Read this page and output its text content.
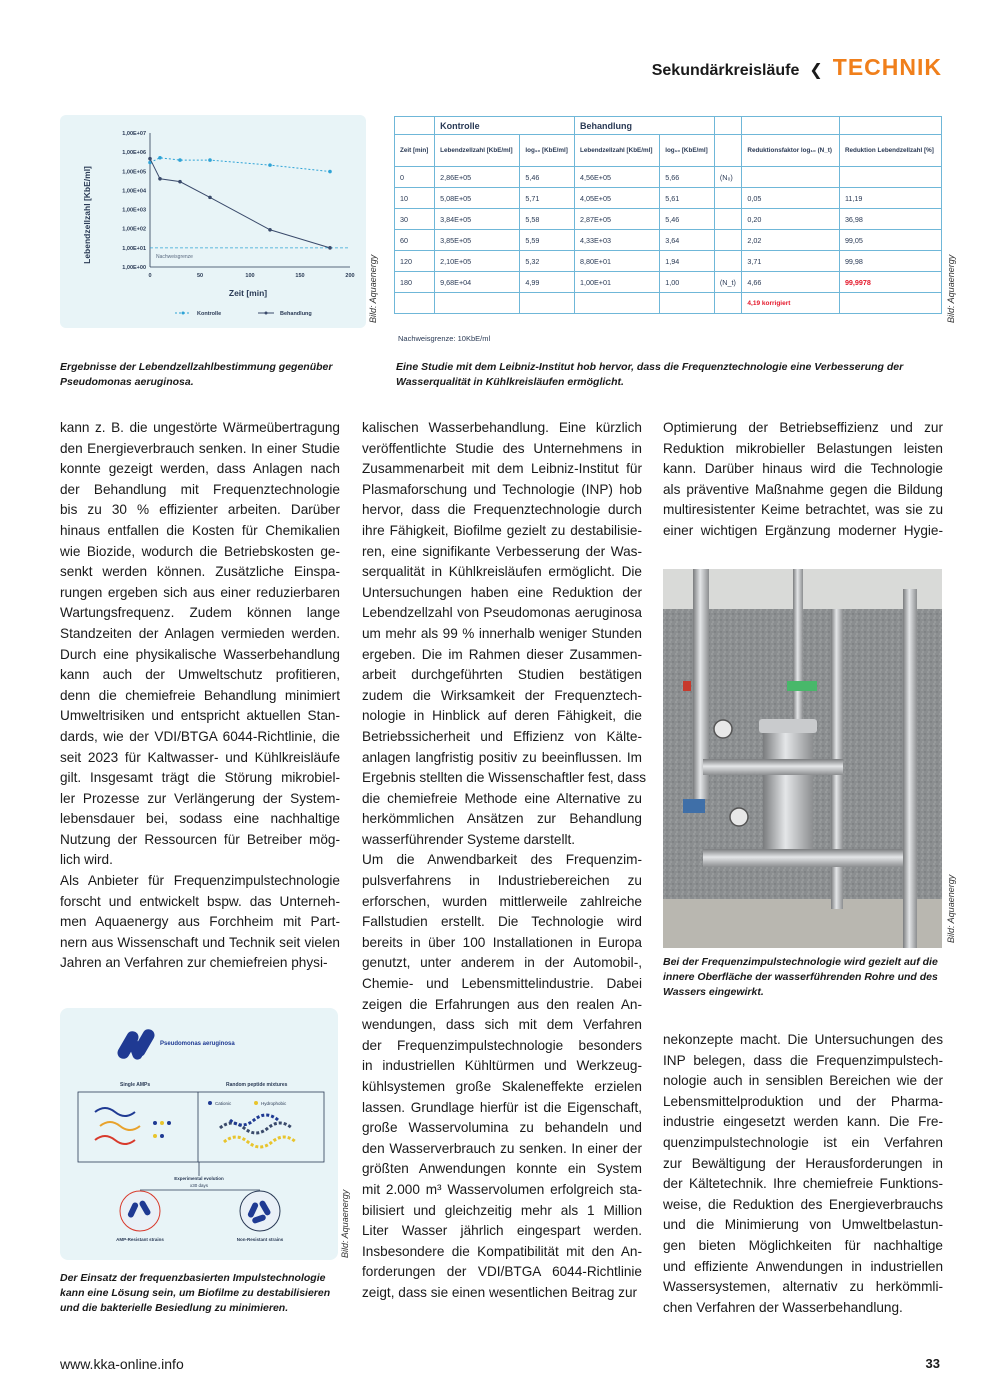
Sekundärkreisläufe ❮ TECHNIK
1,00E+07
1,00E+06
1,00E+05
1,00E+04
1,00E+03
1,00E+02
1,00E+01
1,00E+00
0	50	100	150	200
Lebendzellzahl [KbE/ml]
Zeit [min]
Nachweisgrenze
Kontrolle	Behandlung	Bild: Aquaenergy
	Kontrolle		Behandlung				
Zeit [min]	Lebendzellzahl [KbE/ml]	log₁₀ [KbE/ml]	Lebendzellzahl [KbE/ml]	log₁₀ [KbE/ml]		Reduktionsfaktor log₁₀ (N_t)	Reduktion Lebendzellzahl [%]
0	2,86E+05	5,46	4,56E+05	5,66	(N₀)		
10	5,08E+05	5,71	4,05E+05	5,61		0,05	11,19
30	3,84E+05	5,58	2,87E+05	5,46		0,20	36,98
60	3,85E+05	5,59	4,33E+03	3,64		2,02	99,05
120	2,10E+05	5,32	8,80E+01	1,94		3,71	99,98
180	9,68E+04	4,99	1,00E+01	1,00	(N_t)	4,66	99,9978
						4,19 korrigiert	
Nachweisgrenze: 10KbE/ml
Bild: Aquaenergy
Ergebnisse der Lebendzellzahlbestimmung gegenüber Pseudomonas aeruginosa.
Eine Studie mit dem Leibniz-Institut hob hervor, dass die Frequenztechnologie eine Verbesserung der Wasserqualität in Kühlkreisläufen ermöglicht.
kann z. B. die ungestörte Wärmeübertragung
den Energieverbrauch senken. In einer Studie
konnte gezeigt werden, dass Anlagen nach
der Behandlung mit Frequenztechnologie
bis zu 30 % effizienter arbeiten. Darüber
hinaus entfallen die Kosten für Chemikalien
wie Biozide, wodurch die Betriebskosten ge-
senkt werden können. Zusätzliche Einspa-
rungen ergeben sich aus einer reduzierbaren
Wartungsfrequenz. Zudem können lange
Standzeiten der Anlagen vermieden werden.
Durch eine physikalische Wasserbehandlung
kann auch der Umweltschutz profitieren,
denn die chemiefreie Behandlung minimiert
Umweltrisiken und entspricht aktuellen Stan-
dards, wie der VDI/BTGA 6044-Richtlinie, die
seit 2023 für Kaltwasser- und Kühlkreisläufe
gilt. Insgesamt trägt die Störung mikrobiel-
ler Prozesse zur Verlängerung der System-
lebensdauer bei, sodass eine nachhaltige
Nutzung der Ressourcen für Betreiber mög-
lich wird.
Als Anbieter für Frequenzimpulstechnologie
forscht und entwickelt bspw. das Unterneh-
men Aquaenergy aus Forchheim mit Part-
nern aus Wissenschaft und Technik seit vielen
Jahren an Verfahren zur chemiefreien physi-
kalischen Wasserbehandlung. Eine kürzlich
veröffentlichte Studie des Unternehmens in
Zusammenarbeit mit dem Leibniz-Institut für
Plasmaforschung und Technologie (INP) hob
hervor, dass die Frequenztechnologie durch
ihre Fähigkeit, Biofilme gezielt zu destabilisie-
ren, eine signifikante Verbesserung der Was-
serqualität in Kühlkreisläufen ermöglicht. Die
Untersuchungen haben eine Reduktion der
Lebendzellzahl von Pseudomonas aeruginosa
um mehr als 99 % innerhalb weniger Stunden
ergeben. Die im Rahmen dieser Zusammen-
arbeit durchgeführten Studien bestätigen
zudem die Wirksamkeit der Frequenztech-
nologie in Hinblick auf deren Fähigkeit, die
Betriebssicherheit und Effizienz von Kälte-
anlagen langfristig positiv zu beeinflussen. Im
Ergebnis stellten die Wissenschaftler fest, dass
die chemiefreie Methode eine Alternative zu
herkömmlichen Ansätzen zur Behandlung
wasserführender Systeme darstellt.
Um die Anwendbarkeit des Frequenzim-
pulsverfahrens in Industriebereichen zu
erforschen, wurden mittlerweile zahlreiche
Fallstudien erstellt. Die Technologie wird
bereits in über 100 Installationen in Europa
genutzt, unter anderem in der Automobil-,
Chemie- und Lebensmittelindustrie. Dabei
zeigen die Erfahrungen aus den realen An-
wendungen, dass sich mit dem Verfahren
der Frequenzimpulstechnologie besonders
in industriellen Kühltürmen und Werkzeug-
kühlsystemen große Skaleneffekte erzielen
lassen. Grundlage hierfür ist die Eigenschaft,
große Wasservolumina zu behandeln und
den Wasserverbrauch zu senken. In einer der
größten Anwendungen konnte ein System
mit 2.000 m³ Wasservolumen erfolgreich sta-
bilisiert und gleichzeitig mehr als 1 Million
Liter Wasser jährlich eingespart werden.
Insbesondere die Kompatibilität mit den An-
forderungen der VDI/BTGA 6044-Richtlinie
zeigt, dass sie einen wesentlichen Beitrag zur
Optimierung der Betriebseffizienz und zur
Reduktion mikrobieller Belastungen leisten
kann. Darüber hinaus wird die Technologie
als präventive Maßnahme gegen die Bildung
multiresistenter Keime betrachtet, was sie zu
einer wichtigen Ergänzung moderner Hygie-
nekonzepte macht. Die Untersuchungen des
INP belegen, dass die Frequenzimpulstech-
nologie auch in sensiblen Bereichen wie der
Lebensmittelproduktion und der Pharma-
industrie eingesetzt werden kann. Die Fre-
quenzimpulstechnologie ist ein Verfahren
zur Bewältigung der Herausforderungen in
der Kältetechnik. Ihre chemiefreie Funktions-
weise, die Reduktion des Energieverbrauchs
und die Minimierung von Umweltbelastun-
gen bieten Möglichkeiten für nachhaltige
und effiziente Anwendungen in industriellen
Wassersystemen, alternativ zu herkömmli-
chen Verfahren der Wasserbehandlung.
Bild: Aquaenergy
Bei der Frequenzimpulstechnologie wird gezielt auf die innere Oberfläche der wasserführenden Rohre und des Wassers eingewirkt.
Pseudomonas aeruginosa
Single AMPs	Random peptide mixtures
Cationic	Hydrophobic
Experimental evolution
x30 days
AMP-Resistant strains	Non-Resistant strains	Bild: Aquaenergy
Der Einsatz der frequenzbasierten Impulstechnologie kann eine Lösung sein, um Biofilme zu destabilisieren und die bakterielle Besiedlung zu minimieren.
www.kka-online.info	33
